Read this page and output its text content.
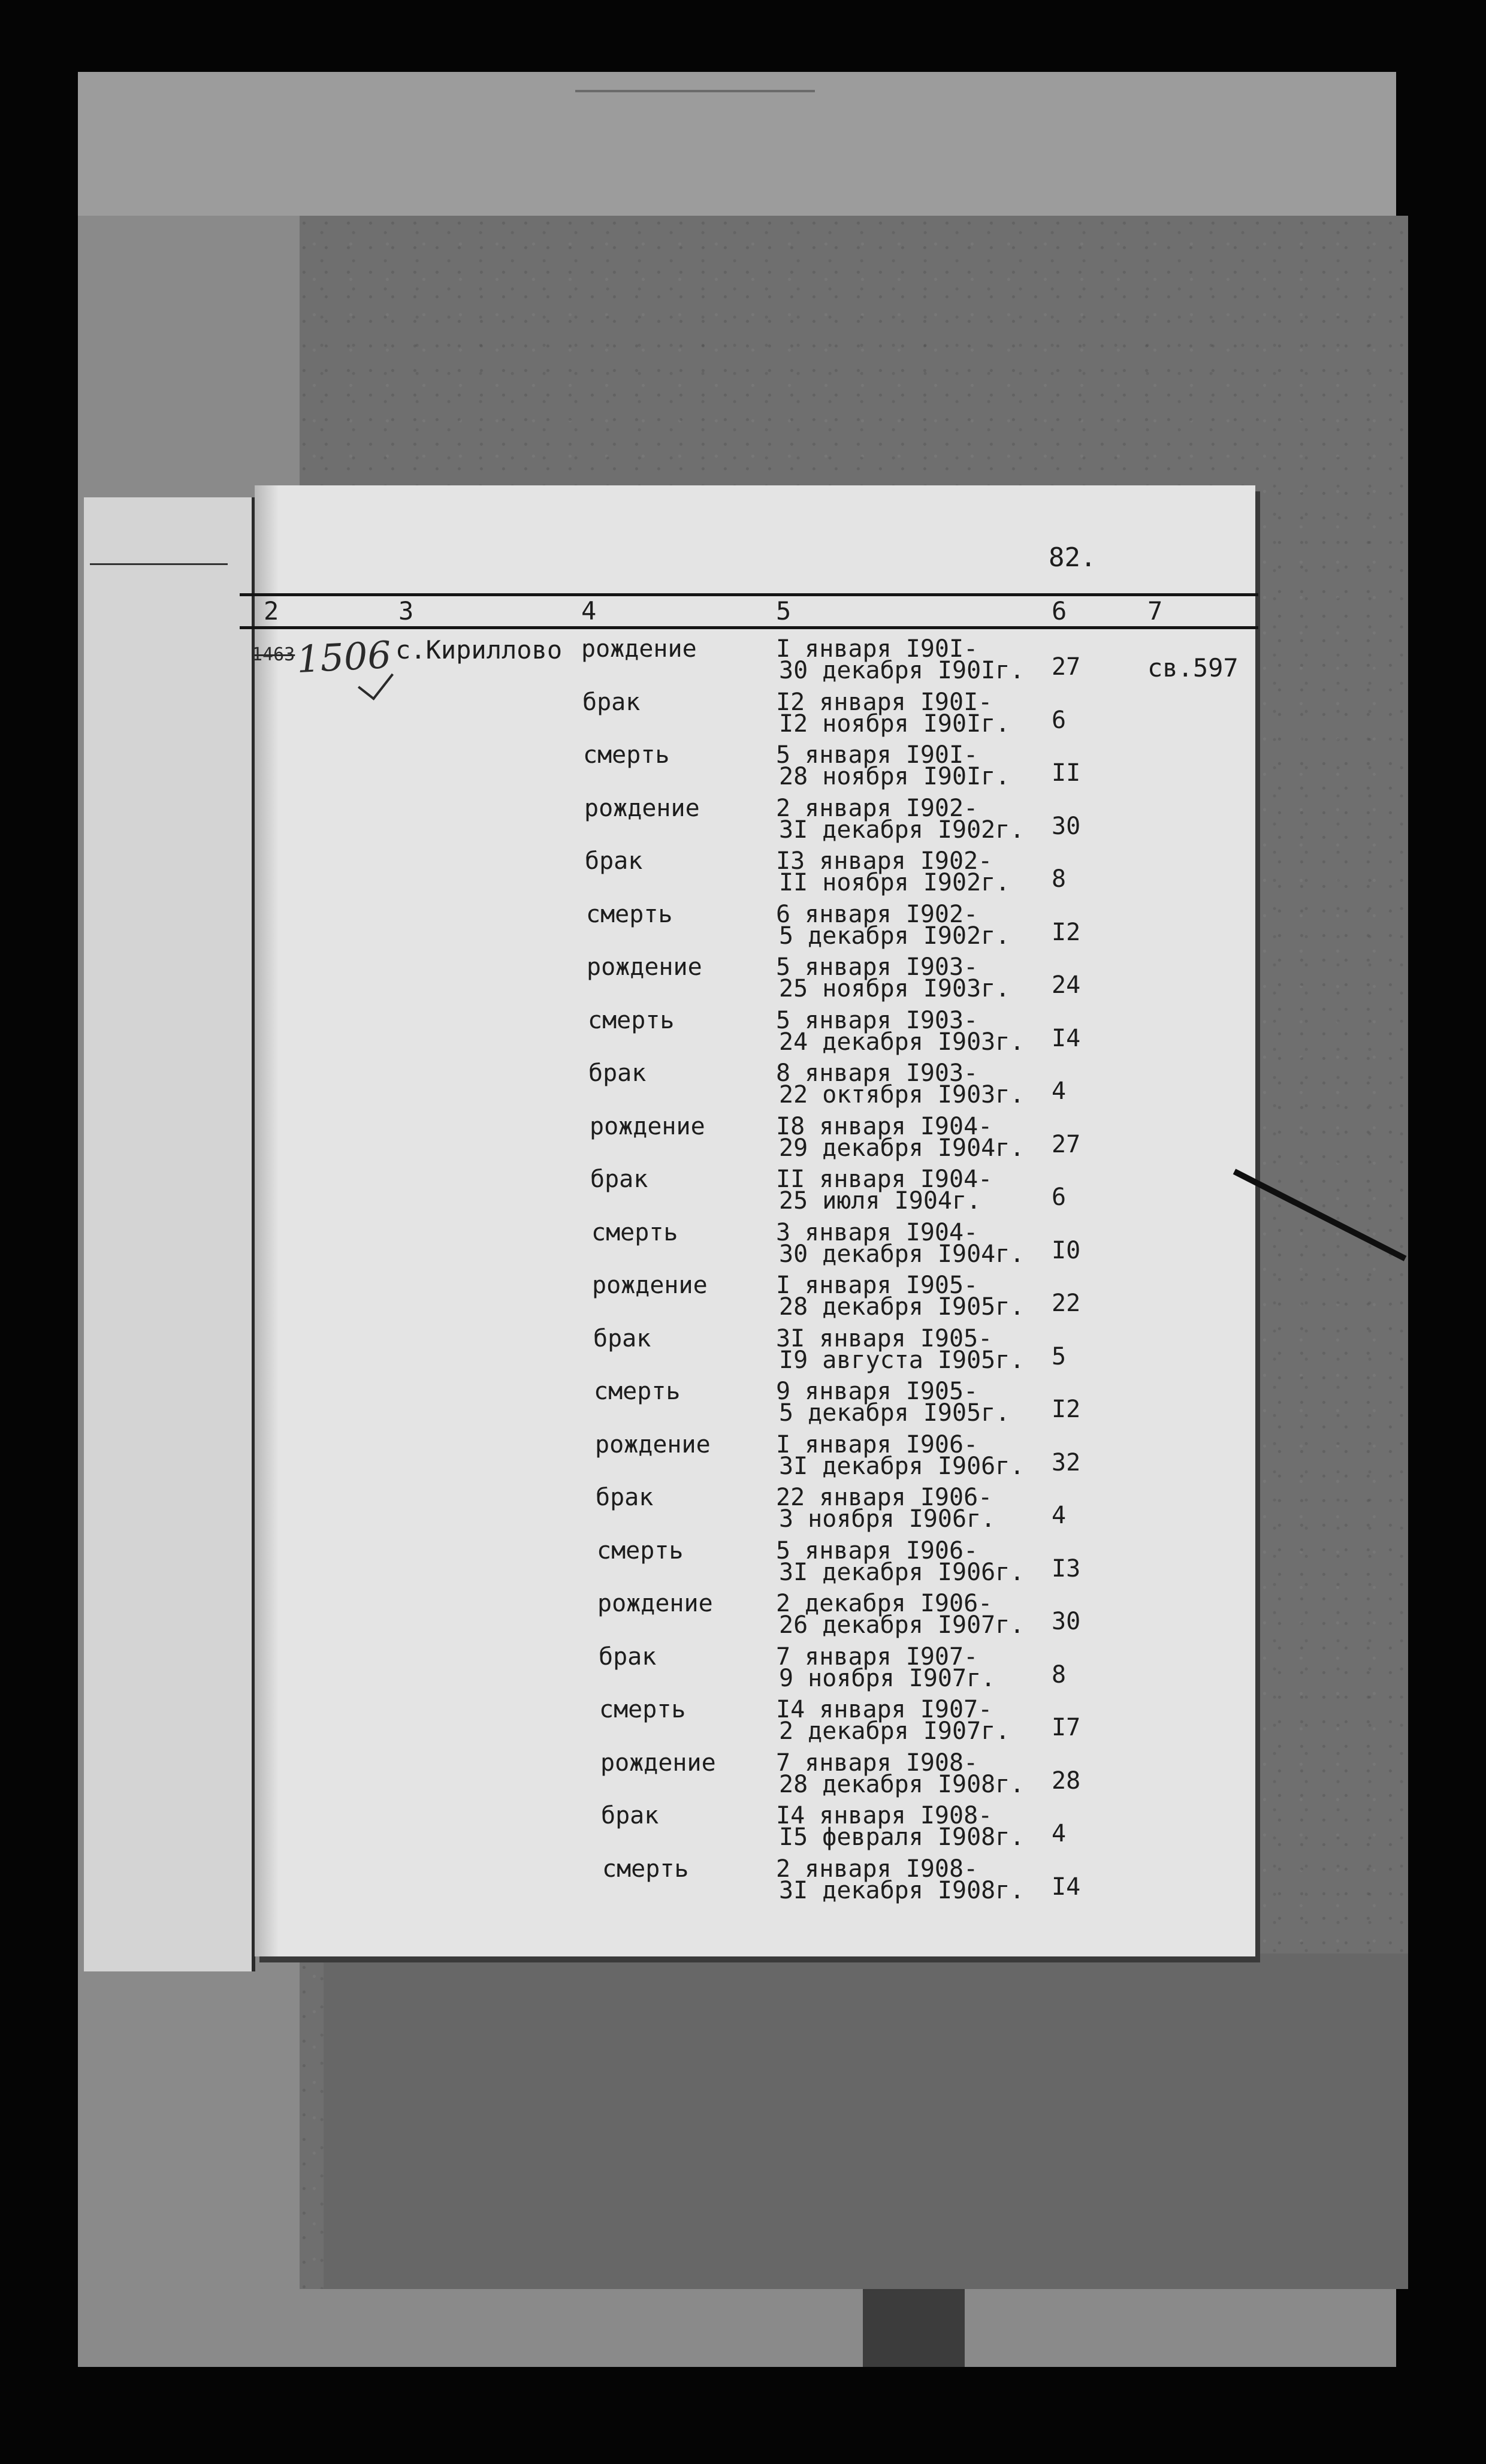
82.
2	3	4	5	6	7
1463 1506 с.Кириллово
св.597
рождение	I января I90I-
30 декабря I90Iг. 27
брак	I2 января I90I-
I2 ноября I90Iг. 6
смерть	5 января I90I-
28 ноября I90Iг. II
рождение	2 января I902-
3I декабря I902г. 30
брак	I3 января I902-
II ноября I902г. 8
смерть	6 января I902-
5 декабря I902г. I2
рождение	5 января I903-
25 ноября I903г. 24
смерть	5 января I903-
24 декабря I903г. I4
брак	8 января I903-
22 октября I903г. 4
рождение	I8 января I904-
29 декабря I904г. 27
брак	II января I904-
25 июля I904г.	6
смерть	3 января I904-
30 декабря I904г. I0
рождение	I января I905-
28 декабря I905г. 22
брак	3I января I905-
I9 августа I905г. 5
смерть	9 января I905-
5 декабря I905г. I2
рождение	I января I906-
3I декабря I906г. 32
брак	22 января I906-
3 ноября I906г. 4
смерть	5 января I906-
3I декабря I906г. I3
рождение	2 декабря I906-
26 декабря I907г. 30
брак	7 января I907-
9 ноября I907г. 8
смерть	I4 января I907-
2 декабря I907г. I7
рождение	7 января I908-
28 декабря I908г. 28
брак	I4 января I908-
I5 февраля I908г. 4
смерть	2 января I908-
3I декабря I908г. I4
